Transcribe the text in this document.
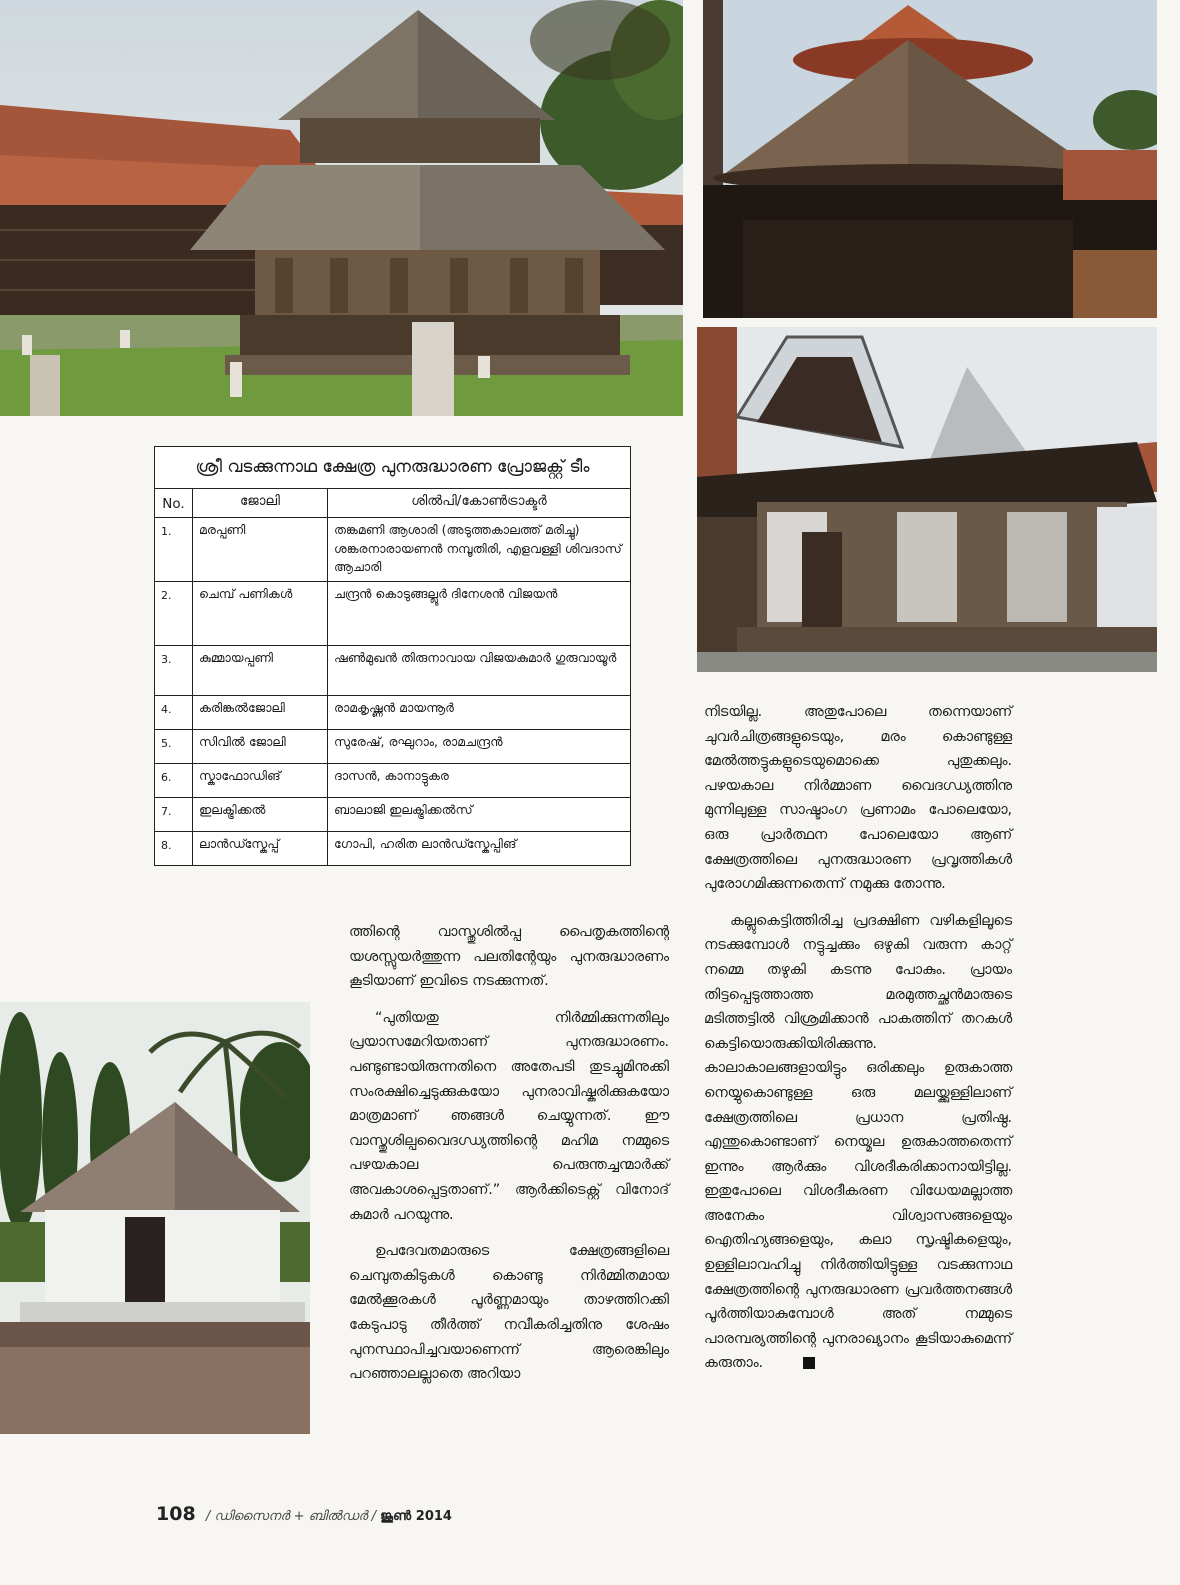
ശ്രീ വടക്കുന്നാഥ ക്ഷേത്ര പുനരുദ്ധാരണ പ്രോജക്റ്റ് ടീം		
No.	ജോലി	ശിൽപി/കോൺട്രാക്ടർ
1.	മരപ്പണി	തങ്കമണി ആശാരി (അടുത്തകാലത്ത് മരിച്ചു) ശങ്കരനാരായണൻ നമ്പൂതിരി, എളവള്ളി ശിവദാസ് ആചാരി
2.	ചെമ്പ് പണികൾ	ചന്ദ്രൻ കൊടുങ്ങല്ലൂർ ദിനേശൻ വിജയൻ
3.	കുമ്മായപ്പണി	ഷൺമുഖൻ തിരുനാവായ വിജയകുമാർ ഗുരുവായൂർ
4.	കരിങ്കൽജോലി	രാമകൃഷ്ണൻ മായന്നൂർ
5.	സിവിൽ ജോലി	സുരേഷ്, രഘുറാം, രാമചന്ദ്രൻ
6.	സ്കാഫോഡിങ്	ദാസൻ, കാനാട്ടുകര
7.	ഇലക്ട്രിക്കൽ	ബാലാജി ഇലക്ട്രിക്കൽസ്
8.	ലാൻഡ്സ്കേപ്പ്	ഗോപി, ഹരിത ലാൻഡ്സ്കേപ്പിങ്

ത്തിന്റെ വാസ്തുശിൽപ്പ പൈതൃകത്തിന്റെ യശസ്സുയർത്തുന്ന പലതിന്റേയും പുനരുദ്ധാരണം കൂടിയാണ് ഇവിടെ നടക്കുന്നത്.

“പുതിയതു നിർമ്മിക്കുന്നതിലും പ്രയാസമേറിയതാണ് പുനരുദ്ധാരണം. പണ്ടുണ്ടായിരുന്നതിനെ അതേപടി തുടച്ചുമിനുക്കി സംരക്ഷിച്ചെടുക്കുകയോ പുനരാവിഷ്കരിക്കുകയോ മാത്രമാണ് ഞങ്ങൾ ചെയ്യുന്നത്. ഈ വാസ്തുശില്പവൈദഗ്ധ്യത്തിന്റെ മഹിമ നമ്മുടെ പഴയകാല പെരുന്തച്ചന്മാർക്ക് അവകാശപ്പെട്ടതാണ്.” ആർക്കിടെക്റ്റ് വിനോദ് കുമാർ പറയുന്നു.

ഉപദേവതമാരുടെ ക്ഷേത്രങ്ങളിലെ ചെമ്പുതകിടുകൾ കൊണ്ടു നിർമ്മിതമായ മേൽക്കൂരകൾ പൂർണ്ണമായും താഴത്തിറക്കി കേടുപാടു തീർത്ത് നവീകരിച്ചതിനു ശേഷം പുനസ്ഥാപിച്ചവയാണെന്ന് ആരെങ്കിലും പറഞ്ഞാലല്ലാതെ അറിയാ

നിടയില്ല. അതുപോലെ തന്നെയാണ് ചുവർചിത്രങ്ങളുടെയും, മരം കൊണ്ടുള്ള മേൽത്തട്ടുകളുടെയുമൊക്കെ പുതുക്കലും. പഴയകാല നിർമ്മാണ വൈദഗ്ധ്യത്തിനു മുന്നിലുള്ള സാഷ്ടാംഗ പ്രണാമം പോലെയോ, ഒരു പ്രാർത്ഥന പോലെയോ ആണ് ക്ഷേത്രത്തിലെ പുനരുദ്ധാരണ പ്രവൃത്തികൾ പുരോഗമിക്കുന്നതെന്ന് നമുക്കു തോന്നു.

കല്ലുകെട്ടിത്തിരിച്ച പ്രദക്ഷിണ വഴികളിലൂടെ നടക്കുമ്പോൾ നട്ടുച്ചക്കും ഒഴുകി വരുന്ന കാറ്റ് നമ്മെ തഴുകി കടന്നു പോകും. പ്രായം തിട്ടപ്പെടുത്താത്ത മരമുത്തച്ഛൻമാരുടെ മടിത്തട്ടിൽ വിശ്രമിക്കാൻ പാകത്തിന് തറകൾ കെട്ടിയൊരുക്കിയിരിക്കുന്നു. കാലാകാലങ്ങളായിട്ടും ഒരിക്കലും ഉരുകാത്ത നെയ്യുകൊണ്ടുള്ള ഒരു മലയ്ക്കുള്ളിലാണ് ക്ഷേത്രത്തിലെ പ്രധാന പ്രതിഷ്ഠ. എന്തുകൊണ്ടാണ് നെയ്മല ഉരുകാത്തതെന്ന് ഇന്നും ആർക്കും വിശദീകരിക്കാനായിട്ടില്ല. ഇതുപോലെ വിശദീകരണ വിധേയമല്ലാത്ത അനേകം വിശ്വാസങ്ങളെയും ഐതിഹ്യങ്ങളെയും, കലാ സൃഷ്ടികളെയും, ഉള്ളിലാവഹിച്ചു നിർത്തിയിട്ടുള്ള വടക്കുന്നാഥ ക്ഷേത്രത്തിന്റെ പുനരുദ്ധാരണ പ്രവർത്തനങ്ങൾ പൂർത്തിയാകുമ്പോൾ അത് നമ്മുടെ പാരമ്പര്യത്തിന്റെ പുനരാഖ്യാനം കൂടിയാകുമെന്ന് കരുതാം.

108 / ഡിസൈനർ + ബിൽഡർ / ജൂൺ 2014
